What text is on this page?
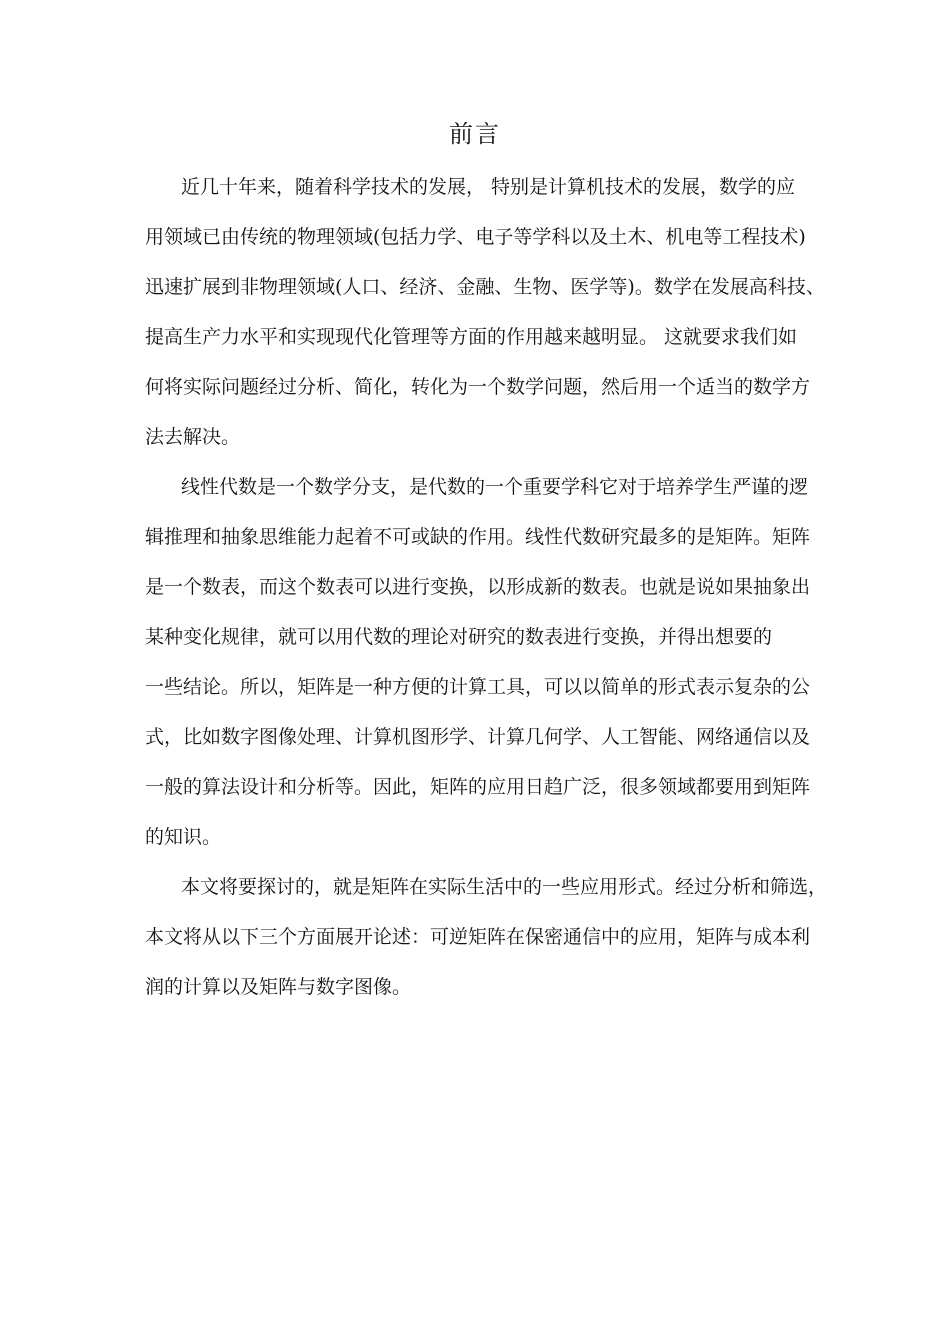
前言
近几十年来，随着科学技术的发展， 特别是计算机技术的发展，数学的应
用领域已由传统的物理领域(包括力学、电子等学科以及土木、机电等工程技术)
迅速扩展到非物理领域(人口、经济、金融、生物、医学等)。数学在发展高科技、
提高生产力水平和实现现代化管理等方面的作用越来越明显。 这就要求我们如
何将实际问题经过分析、简化，转化为一个数学问题，然后用一个适当的数学方
法去解决。
线性代数是一个数学分支，是代数的一个重要学科它对于培养学生严谨的逻
辑推理和抽象思维能力起着不可或缺的作用。线性代数研究最多的是矩阵。矩阵
是一个数表，而这个数表可以进行变换，以形成新的数表。也就是说如果抽象出
某种变化规律，就可以用代数的理论对研究的数表进行变换，并得出想要的
一些结论。所以，矩阵是一种方便的计算工具，可以以简单的形式表示复杂的公
式，比如数字图像处理、计算机图形学、计算几何学、人工智能、网络通信以及
一般的算法设计和分析等。因此，矩阵的应用日趋广泛，很多领域都要用到矩阵
的知识。
本文将要探讨的，就是矩阵在实际生活中的一些应用形式。经过分析和筛选，
本文将从以下三个方面展开论述：可逆矩阵在保密通信中的应用，矩阵与成本利
润的计算以及矩阵与数字图像。
